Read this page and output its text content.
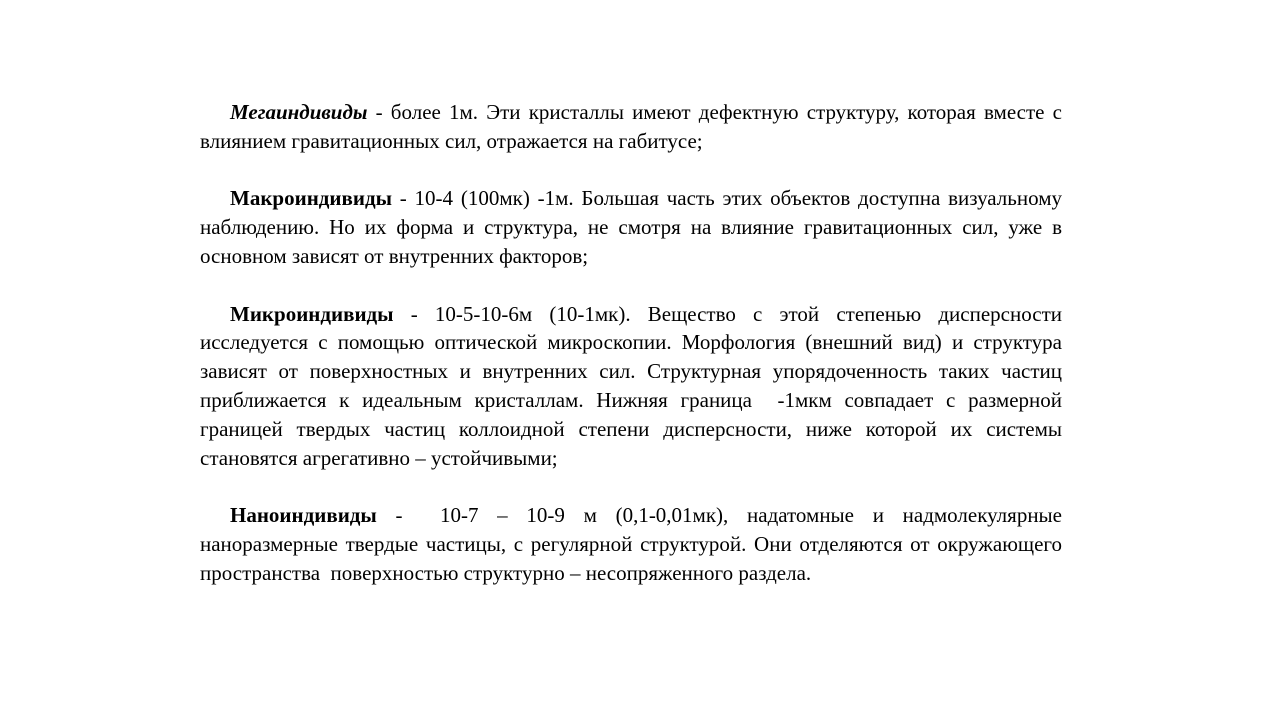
Мегаиндивиды - более 1м. Эти кристаллы имеют дефектную структуру, которая вместе с влиянием гравитационных сил, отражается на габитусе;

Макроиндивиды - 10-4 (100мк) -1м. Большая часть этих объектов доступна визуальному наблюдению. Но их форма и структура, не смотря на влияние гравитационных сил, уже в основном зависят от внутренних факторов;

Микроиндивиды - 10-5-10-6м (10-1мк). Вещество с этой степенью дисперсности исследуется с помощью оптической микроскопии. Морфология (внешний вид) и структура зависят от поверхностных и внутренних сил. Структурная упорядоченность таких частиц  приближается к идеальным кристаллам. Нижняя граница  -1мкм совпадает с размерной границей твердых частиц коллоидной степени дисперсности, ниже которой их системы становятся агрегативно – устойчивыми;

Наноиндивиды -  10-7 – 10-9 м (0,1-0,01мк), надатомные и надмолекулярные наноразмерные твердые частицы, с регулярной структурой. Они отделяются от окружающего пространства  поверхностью структурно – несопряженного раздела.
